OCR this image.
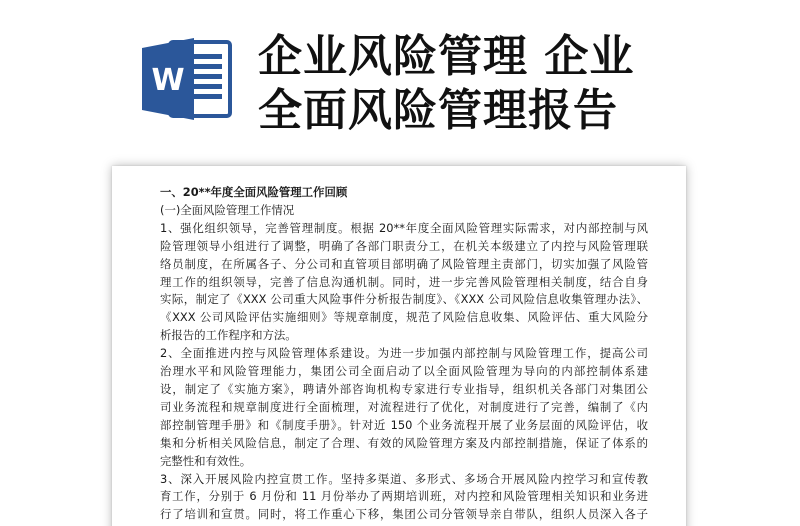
W 企业风险管理 企业
全面风险管理报告
一、20**年度全面风险管理工作回顾
(一)全面风险管理工作情况
1、强化组织领导，完善管理制度。根据 20**年度全面风险管理实际需求，对内部控制与风
险管理领导小组进行了调整，明确了各部门职责分工，在机关本级建立了内控与风险管理联
络员制度，在所属各子、分公司和直管项目部明确了风险管理主责部门，切实加强了风险管
理工作的组织领导，完善了信息沟通机制。同时，进一步完善风险管理相关制度，结合自身
实际，制定了《XXX 公司重大风险事件分析报告制度》、《XXX 公司风险信息收集管理办法》、
《XXX 公司风险评估实施细则》等规章制度，规范了风险信息收集、风险评估、重大风险分
析报告的工作程序和方法。
2、全面推进内控与风险管理体系建设。为进一步加强内部控制与风险管理工作，提高公司
治理水平和风险管理能力，集团公司全面启动了以全面风险管理为导向的内部控制体系建
设，制定了《实施方案》，聘请外部咨询机构专家进行专业指导，组织机关各部门对集团公
司业务流程和规章制度进行全面梳理，对流程进行了优化，对制度进行了完善，编制了《内
部控制管理手册》和《制度手册》。针对近 150 个业务流程开展了业务层面的风险评估，收
集和分析相关风险信息，制定了合理、有效的风险管理方案及内部控制措施，保证了体系的
完整性和有效性。
3、深入开展风险内控宣贯工作。坚持多渠道、多形式、多场合开展风险内控学习和宣传教
育工作，分别于 6 月份和 11 月份举办了两期培训班，对内控和风险管理相关知识和业务进
行了培训和宣贯。同时，将工作重心下移，集团公司分管领导亲自带队，组织人员深入各子
